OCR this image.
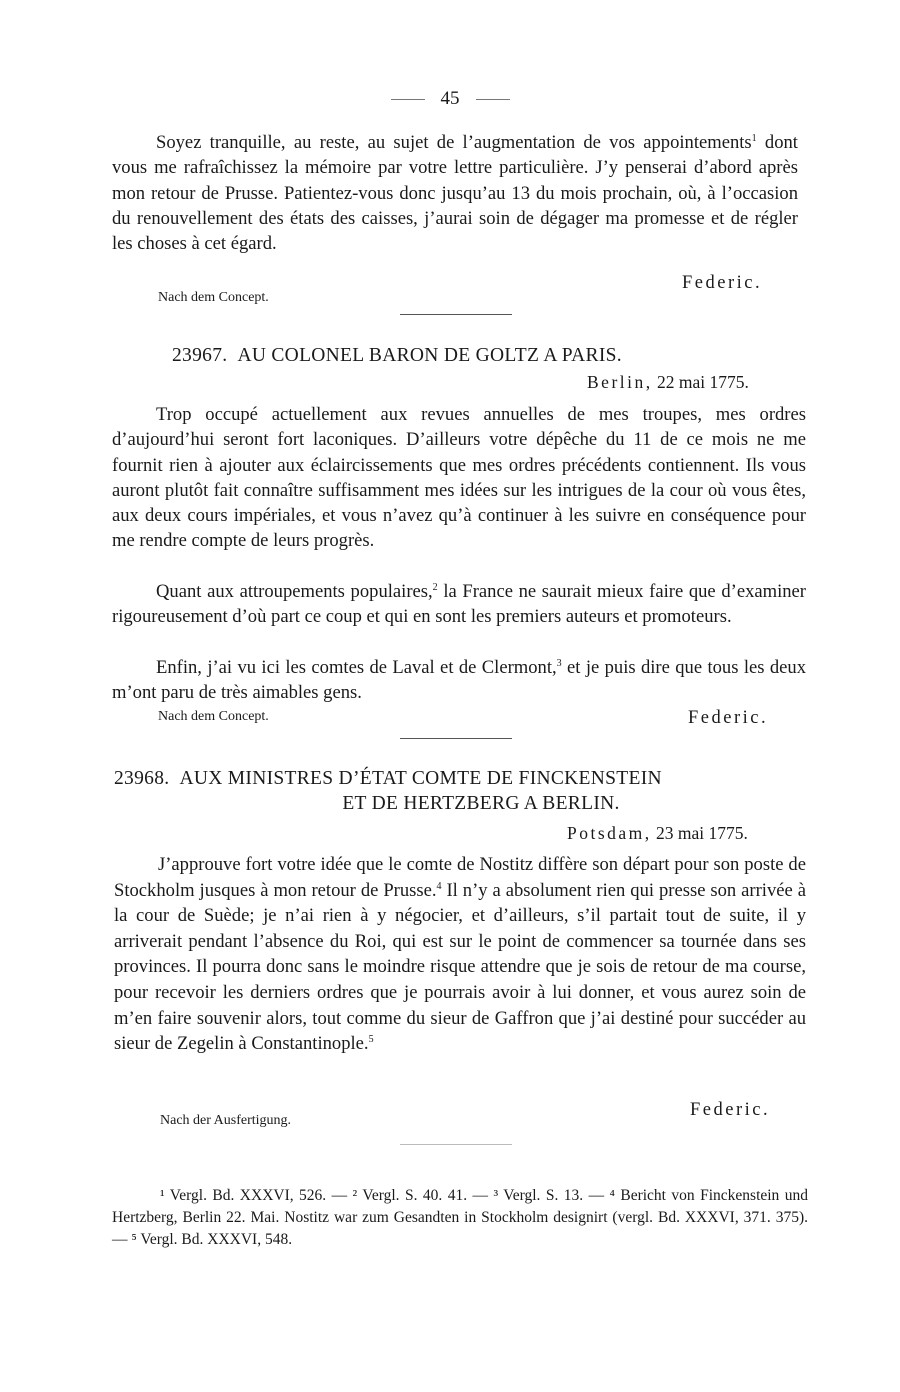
45

Soyez tranquille, au reste, au sujet de l’augmentation de vos appointements$^1$ dont vous me rafraîchissez la mémoire par votre lettre particulière. J’y penserai d’abord après mon retour de Prusse. Patientez-vous donc jusqu’au 13 du mois prochain, où, à l’occasion du renouvellement des états des caisses, j’aurai soin de dégager ma promesse et de régler les choses à cet égard.

Federic.
Nach dem Concept.
23967. AU COLONEL BARON DE GOLTZ A PARIS.
Berlin, 22 mai 1775.

Trop occupé actuellement aux revues annuelles de mes troupes, mes ordres d’aujourd’hui seront fort laconiques. D’ailleurs votre dépêche du 11 de ce mois ne me fournit rien à ajouter aux éclaircissements que mes ordres précédents contiennent. Ils vous auront plutôt fait connaître suffisamment mes idées sur les intrigues de la cour où vous êtes, aux deux cours impériales, et vous n’avez qu’à continuer à les suivre en conséquence pour me rendre compte de leurs progrès.

Quant aux attroupements populaires,$^2$ la France ne saurait mieux faire que d’examiner rigoureusement d’où part ce coup et qui en sont les premiers auteurs et promoteurs.

Enfin, j’ai vu ici les comtes de Laval et de Clermont,$^3$ et je puis dire que tous les deux m’ont paru de très aimables gens.

Nach dem Concept.	Federic.
23968. AUX MINISTRES D’ÉTAT COMTE DE FINCKENSTEIN
ET DE HERTZBERG A BERLIN.
Potsdam, 23 mai 1775.

J’approuve fort votre idée que le comte de Nostitz diffère son départ pour son poste de Stockholm jusques à mon retour de Prusse.$^4$ Il n’y a absolument rien qui presse son arrivée à la cour de Suède; je n’ai rien à y négocier, et d’ailleurs, s’il partait tout de suite, il y arriverait pendant l’absence du Roi, qui est sur le point de commencer sa tournée dans ses provinces. Il pourra donc sans le moindre risque attendre que je sois de retour de ma course, pour recevoir les derniers ordres que je pourrais avoir à lui donner, et vous aurez soin de m’en faire souvenir alors, tout comme du sieur de Gaffron que j’ai destiné pour succéder au sieur de Zegelin à Constantinople.$^5$

Federic.
Nach der Ausfertigung.

¹ Vergl. Bd. XXXVI, 526. — ² Vergl. S. 40. 41. — ³ Vergl. S. 13. — ⁴ Bericht von Finckenstein und Hertzberg, Berlin 22. Mai. Nostitz war zum Gesandten in Stockholm designirt (vergl. Bd. XXXVI, 371. 375). — ⁵ Vergl. Bd. XXXVI, 548.
